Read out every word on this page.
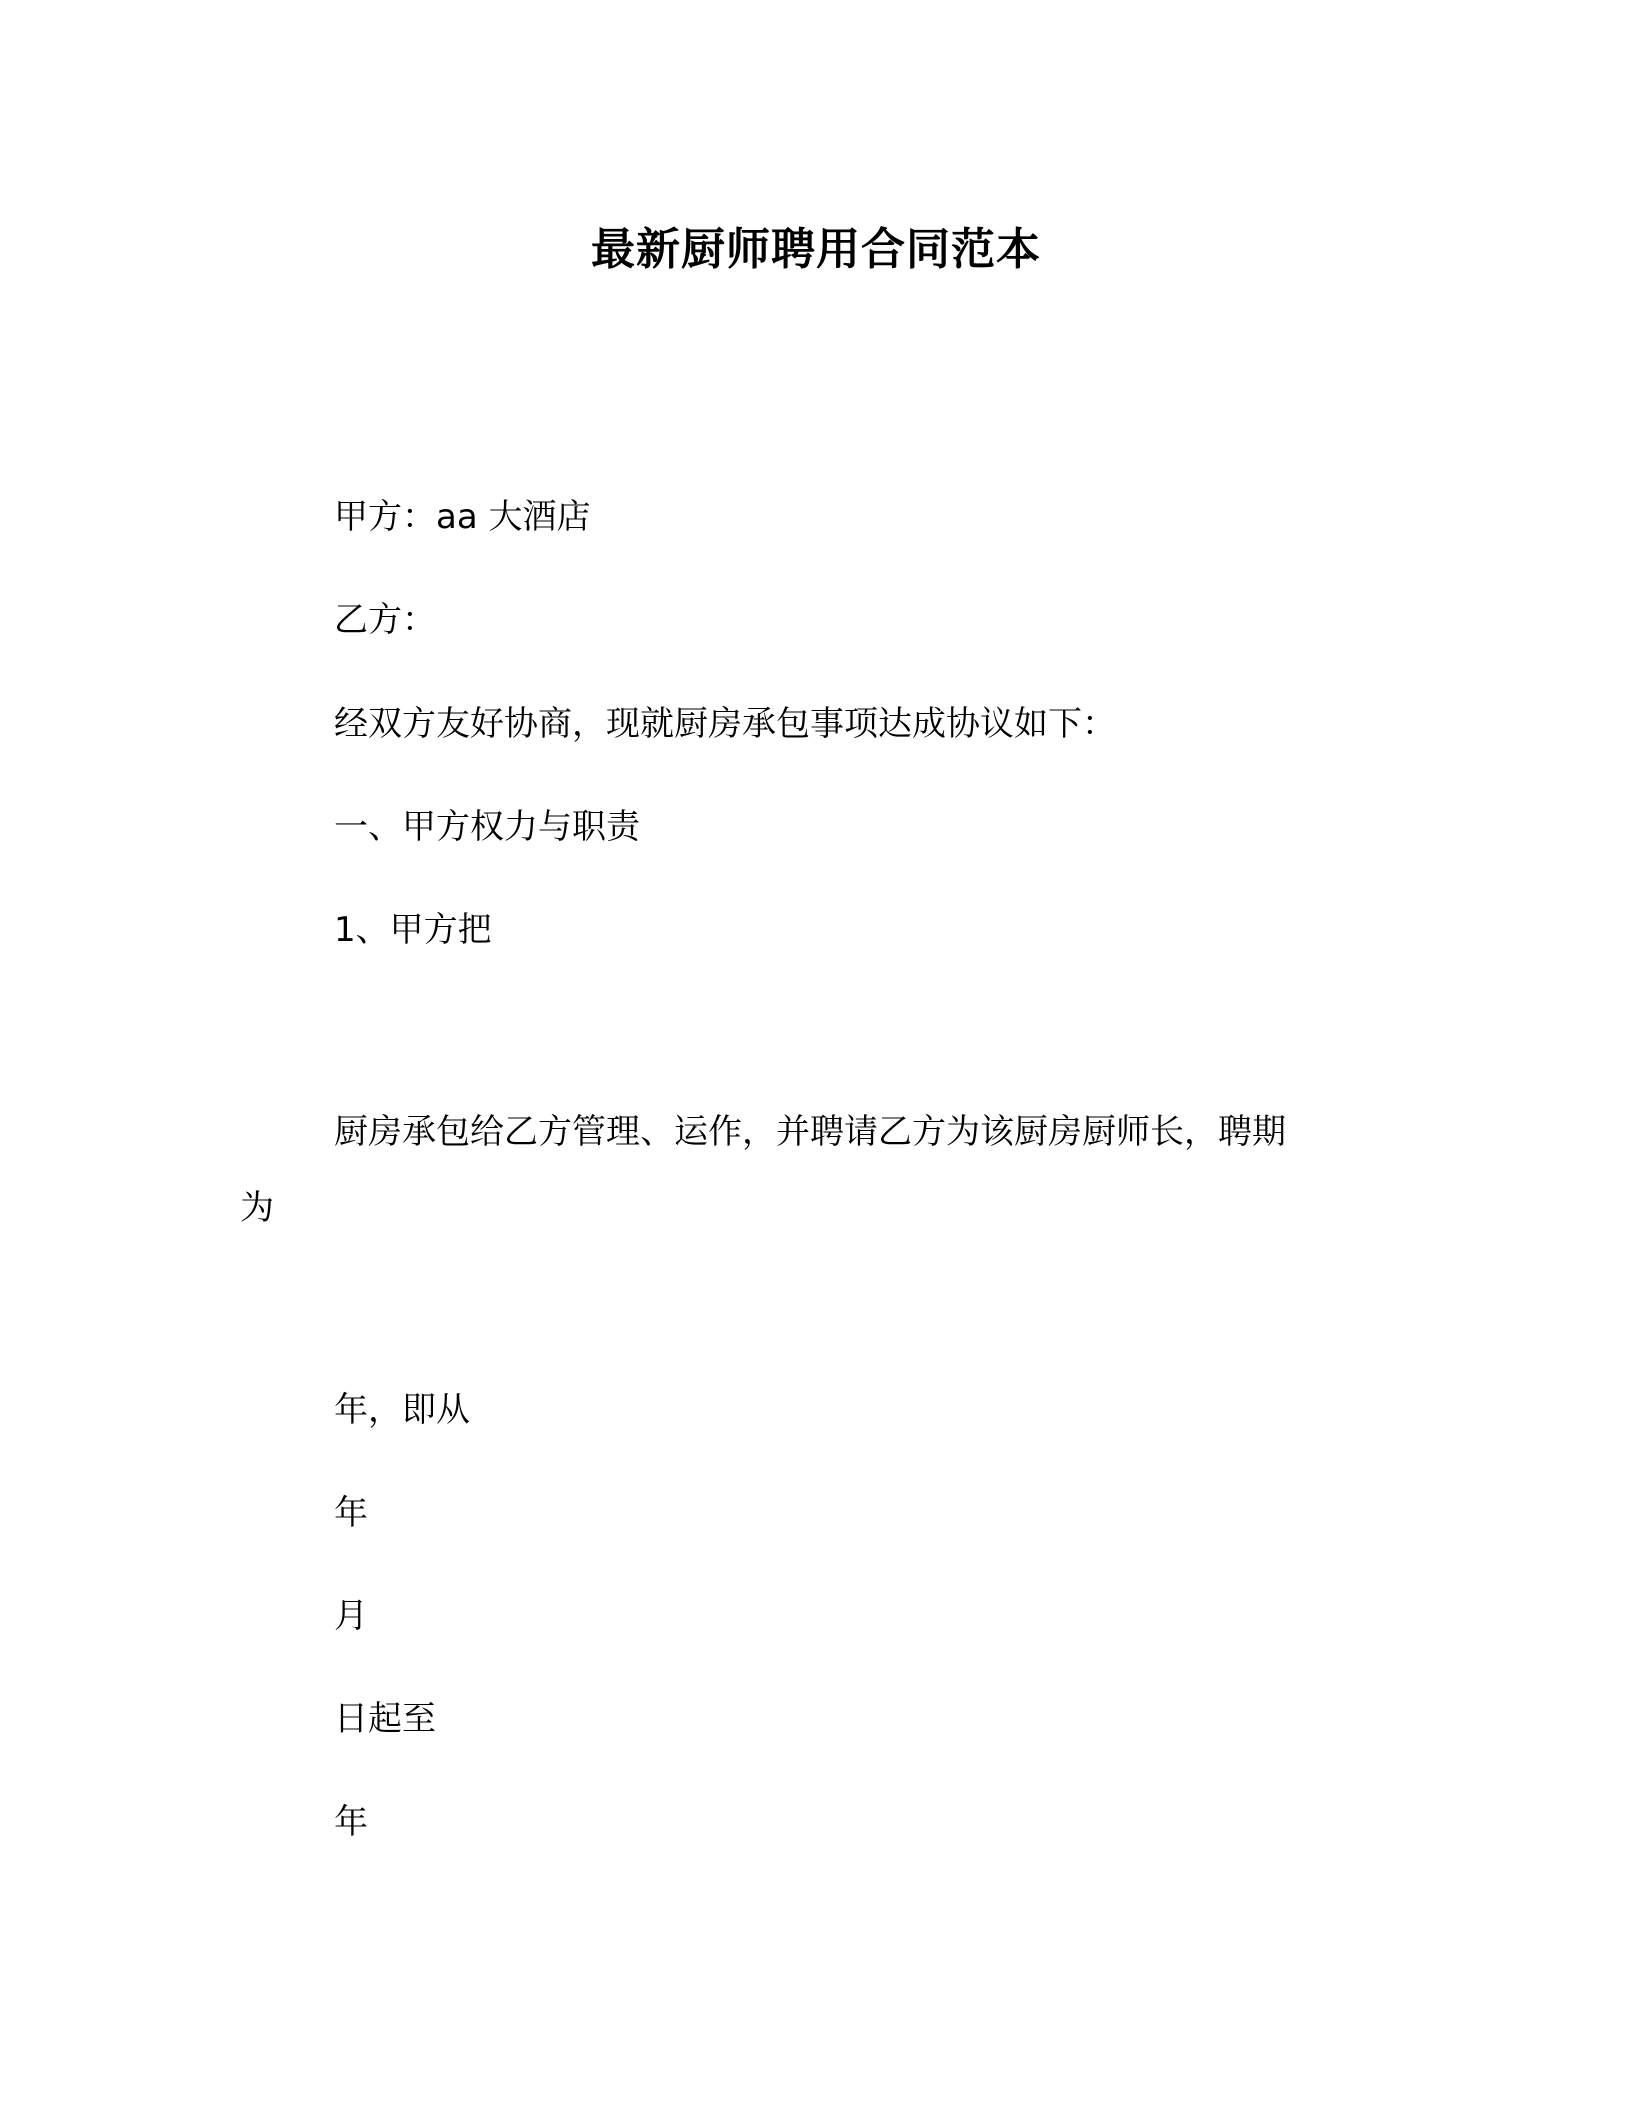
最新厨师聘用合同范本
甲方：aa 大酒店
乙方：
经双方友好协商，现就厨房承包事项达成协议如下：
一、甲方权力与职责
1、甲方把
厨房承包给乙方管理、运作，并聘请乙方为该厨房厨师长，聘期
为
年，即从
年
月
日起至
年
